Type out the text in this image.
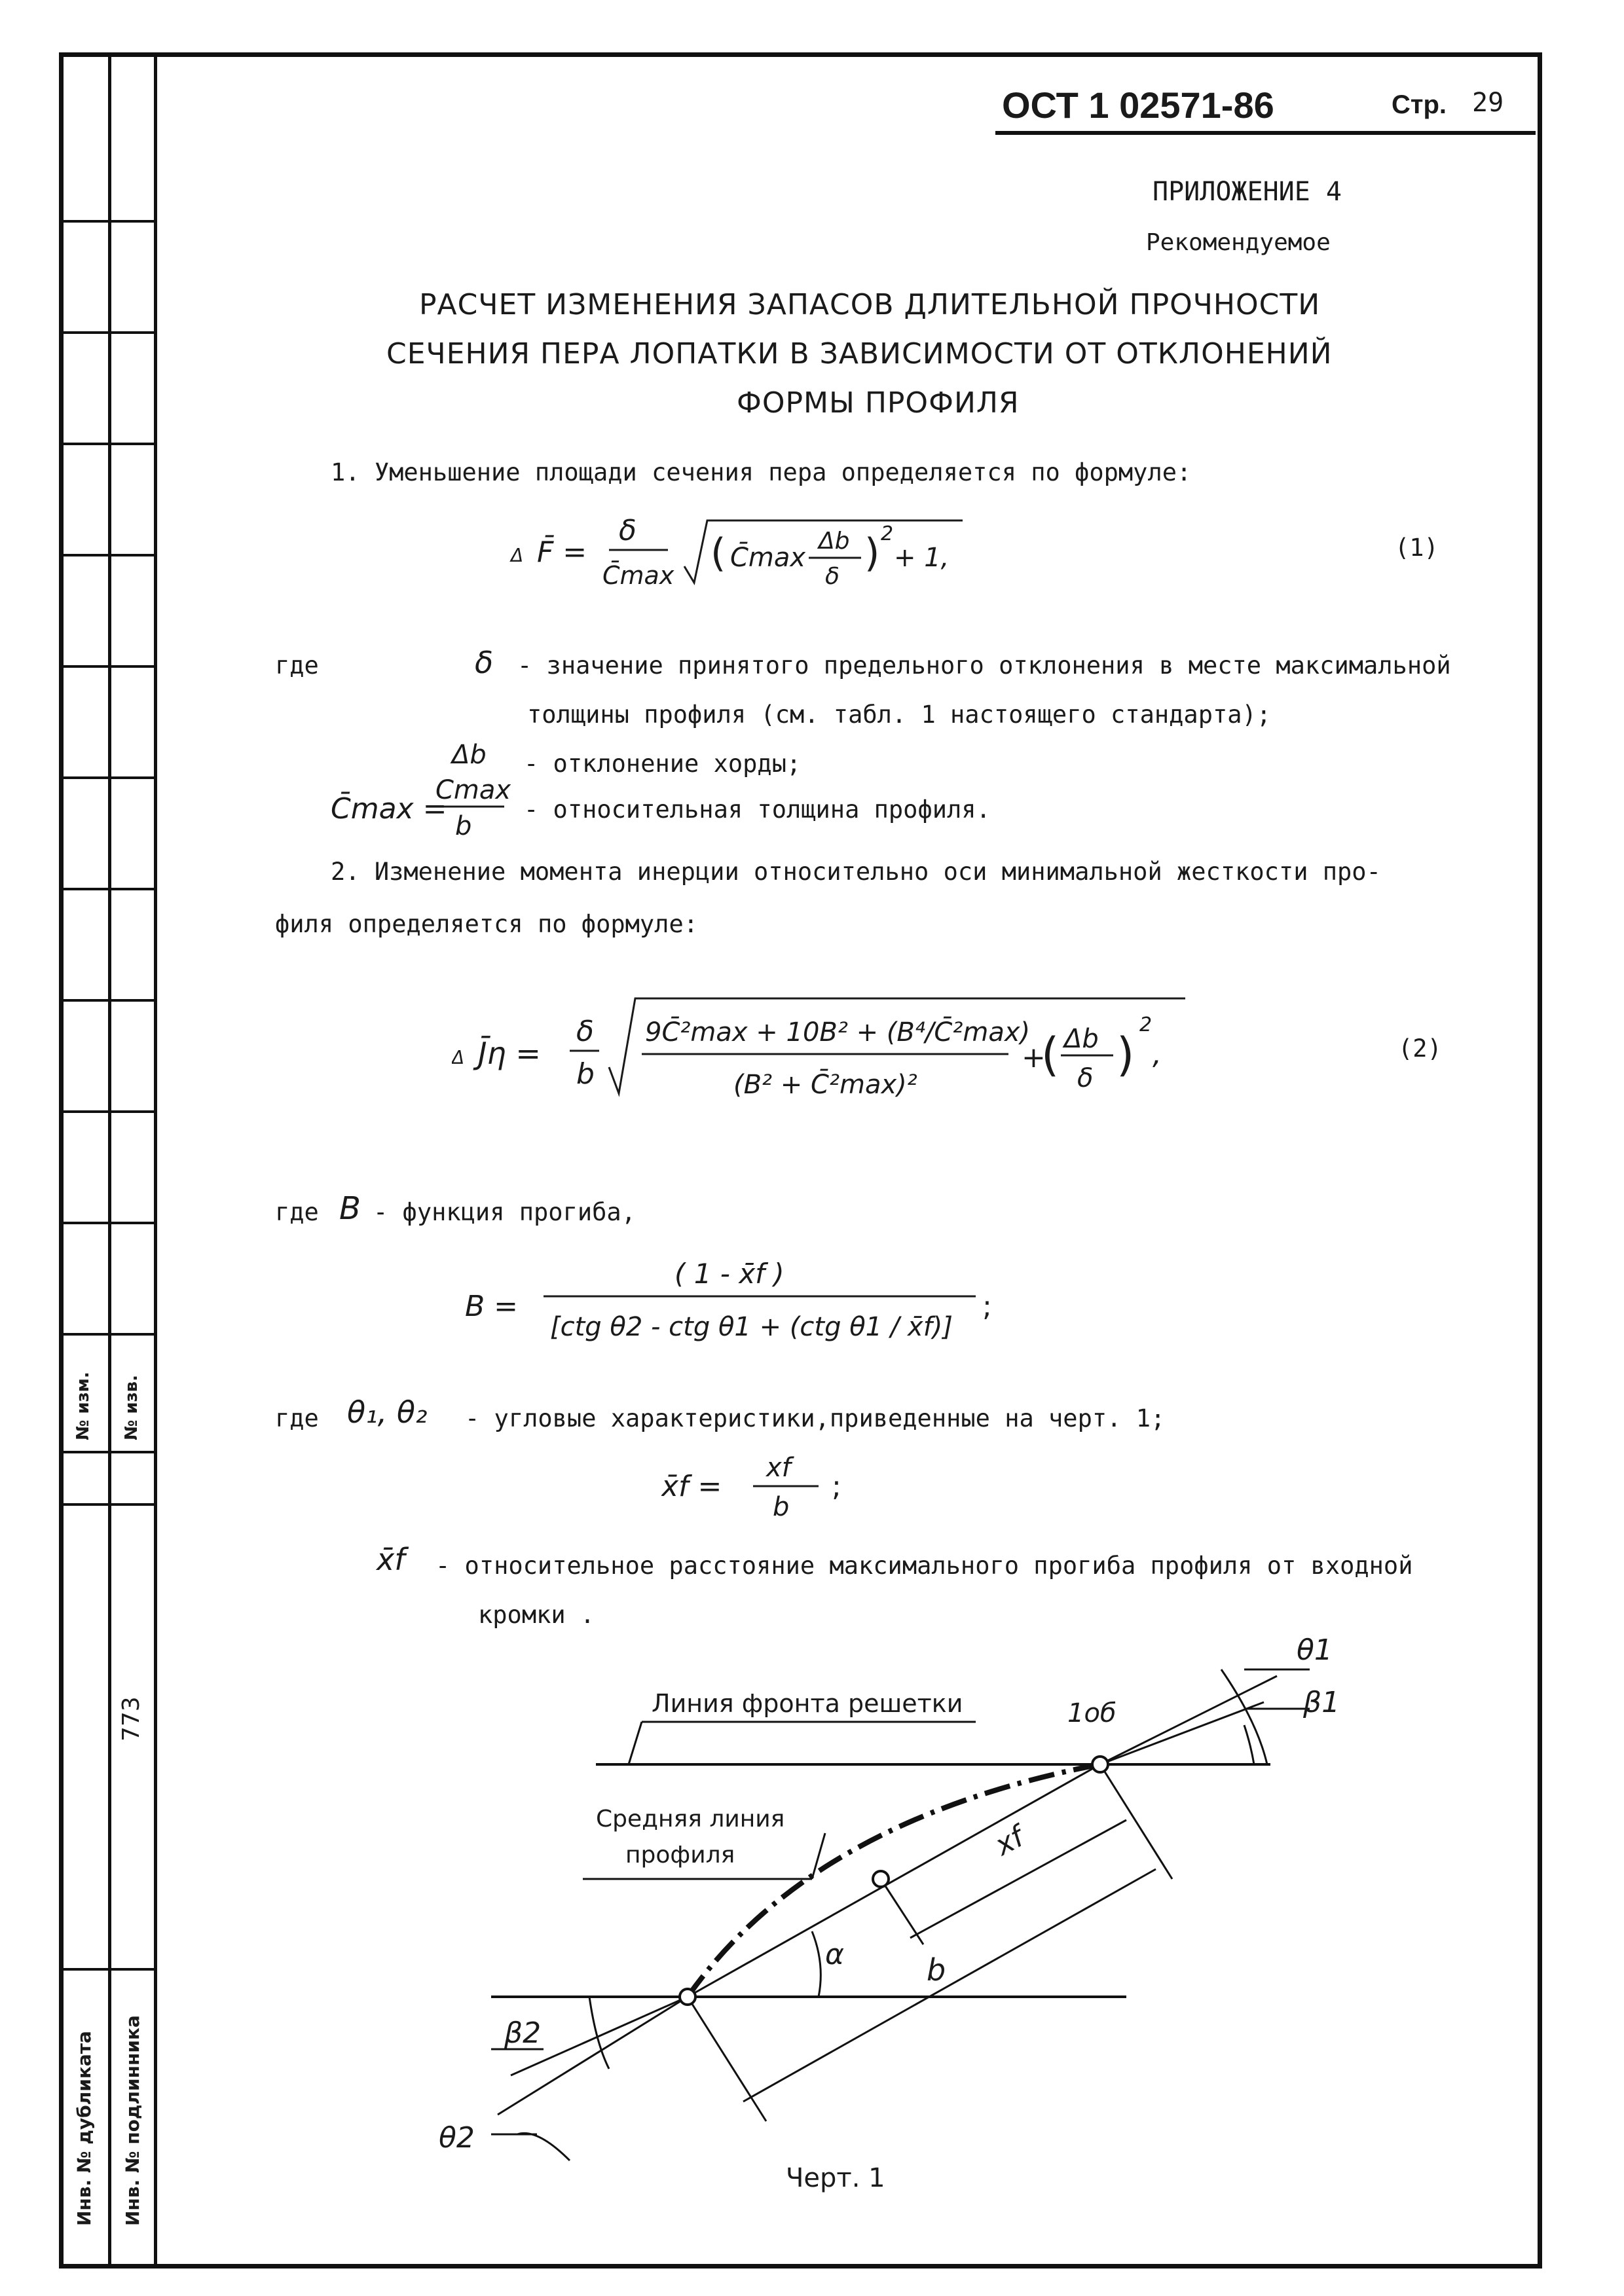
№ изм. № изв.
773
Инв. № дубликата Инв. № подлинника
ОСТ 1 02571-86	Стр. 29
ПРИЛОЖЕНИЕ 4
Рекомендуемое
РАСЧЕТ ИЗМЕНЕНИЯ ЗАПАСОВ ДЛИТЕЛЬНОЙ ПРОЧНОСТИ
СЕЧЕНИЯ ПЕРА ЛОПАТКИ В ЗАВИСИМОСТИ ОТ ОТКЛОНЕНИЙ
ФОРМЫ ПРОФИЛЯ
1. Уменьшение площади сечения пера определяется по формуле:
Δ F̄ =
δ
C̄max ( C̄max
Δb
δ
) 2
+ 1,	(1)
где	δ - значение принятого предельного отклонения в месте максимальной
толщины профиля (см. табл. 1 настоящего стандарта);
Δb - отклонение хорды;
C̄max =
Cmax
b
- относительная толщина профиля.
2. Изменение момента инерции относительно оси минимальной жесткости про-
филя определяется по формуле:
Δ J̄η =
δ
b
9C̄²max + 10B² + (B⁴/C̄²max)
(B² + C̄²max)²
+
( Δb
δ )
2
,	(2)
где B - функция прогиба,
B =
( 1 - x̄f )
[ctg θ2 - ctg θ1 + (ctg θ1 / x̄f)]
;
где θ₁, θ₂ - угловые характеристики,приведенные на черт. 1;
x̄f =
xf
b
;
x̄f - относительное расстояние максимального прогиба профиля от входной
кромки .
Линия фронта решетки
Средняя линия
профиля
1об
θ1
β1
β2
θ2
xf
b
α
Черт. 1
